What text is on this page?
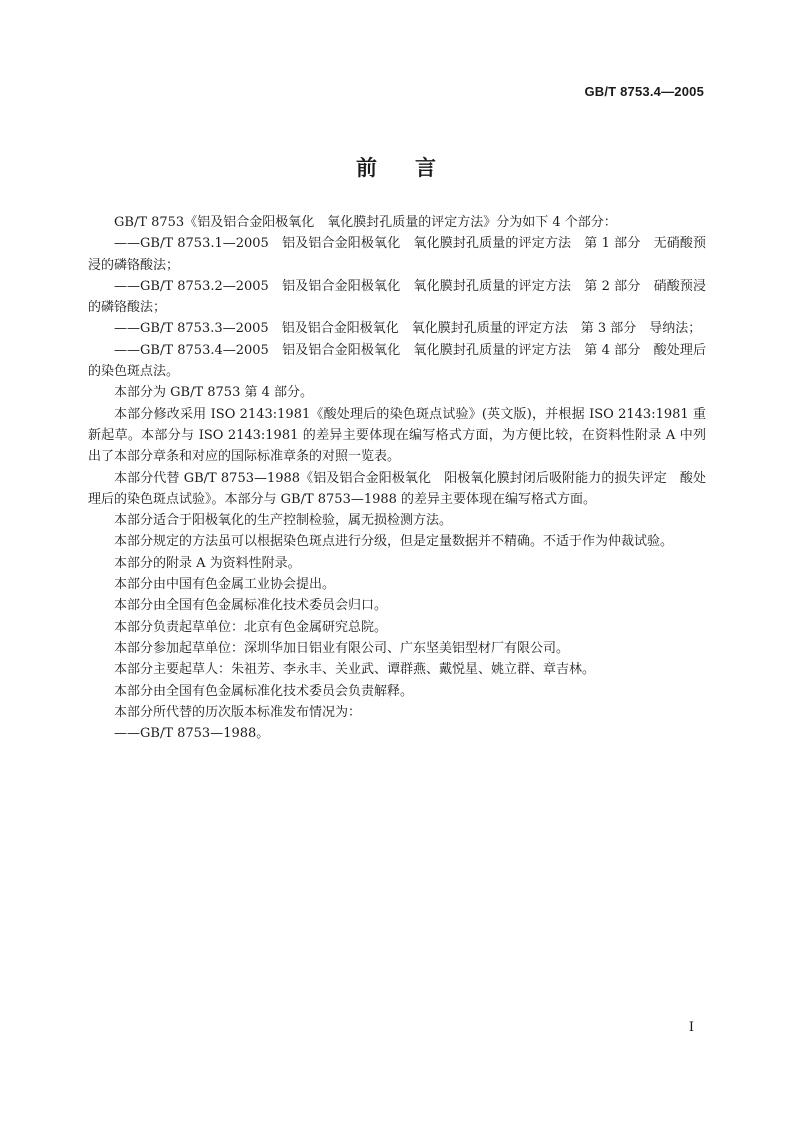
GB/T 8753.4—2005
前 言

GB/T 8753《铝及铝合金阳极氧化　氧化膜封孔质量的评定方法》分为如下 4 个部分：

——GB/T 8753.1—2005　铝及铝合金阳极氧化　氧化膜封孔质量的评定方法　第 1 部分　无硝酸预浸的磷铬酸法；

——GB/T 8753.2—2005　铝及铝合金阳极氧化　氧化膜封孔质量的评定方法　第 2 部分　硝酸预浸的磷铬酸法；

——GB/T 8753.3—2005　铝及铝合金阳极氧化　氧化膜封孔质量的评定方法　第 3 部分　导纳法；

——GB/T 8753.4—2005　铝及铝合金阳极氧化　氧化膜封孔质量的评定方法　第 4 部分　酸处理后的染色斑点法。

本部分为 GB/T 8753 第 4 部分。

本部分修改采用 ISO 2143:1981《酸处理后的染色斑点试验》(英文版)，并根据 ISO 2143:1981 重新起草。本部分与 ISO 2143:1981 的差异主要体现在编写格式方面，为方便比较，在资料性附录 A 中列出了本部分章条和对应的国际标准章条的对照一览表。

本部分代替 GB/T 8753—1988《铝及铝合金阳极氧化　阳极氧化膜封闭后吸附能力的损失评定　酸处理后的染色斑点试验》。本部分与 GB/T 8753—1988 的差异主要体现在编写格式方面。

本部分适合于阳极氧化的生产控制检验，属无损检测方法。

本部分规定的方法虽可以根据染色斑点进行分级，但是定量数据并不精确。不适于作为仲裁试验。

本部分的附录 A 为资料性附录。

本部分由中国有色金属工业协会提出。

本部分由全国有色金属标准化技术委员会归口。

本部分负责起草单位：北京有色金属研究总院。

本部分参加起草单位：深圳华加日铝业有限公司、广东坚美铝型材厂有限公司。

本部分主要起草人：朱祖芳、李永丰、关业武、谭群燕、戴悦星、姚立群、章吉林。

本部分由全国有色金属标准化技术委员会负责解释。

本部分所代替的历次版本标准发布情况为：

——GB/T 8753—1988。

I
